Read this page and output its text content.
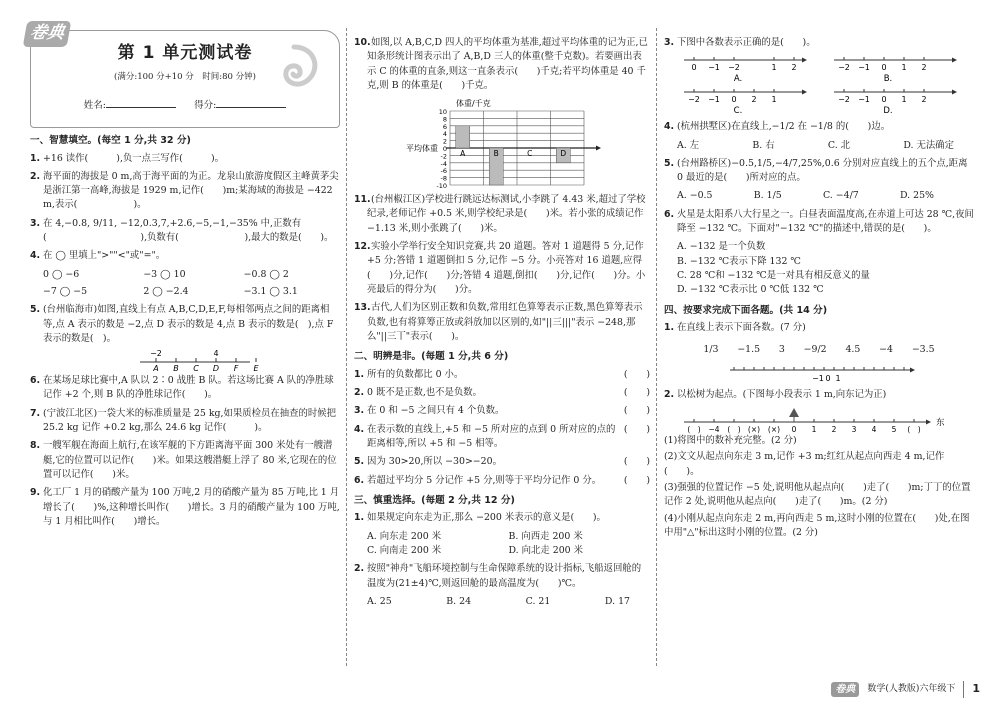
卷典
第 1 单元测试卷
(满分:100 分+10 分　时间:80 分钟)
姓名:	得分:
一、智慧填空。(每空 1 分,共 32 分)
1. +16 读作(　　　),负一点三写作(　　　)。
2. 海平面的海拔是 0 m,高于海平面的为正。龙泉山旅游度假区主峰黄茅尖是浙江第一高峰,海拔是 1929 m,记作(　　)m;某海域的海拔是 −422 m,表示(　　　　　　)。
3. 在 4,−0.8, 9/11, −12,0.3,7,+2.6,−5,−1,−35% 中,正数有(　　　　　　　　　　),负数有(　　　　　　　),最大的数是(　　)。
4. 在 ◯ 里填上">""<"或"="。
0 ◯ −6	−3 ◯ 10	−0.8 ◯ 2
−7 ◯ −5	2 ◯ −2.4	−3.1 ◯ 3.1
5. (台州临海市)如图,直线上有点 A,B,C,D,E,F,每相邻两点之间的距离相等,点 A 表示的数是 −2,点 D 表示的数是 4,点 B 表示的数是(　),点 F 表示的数是(　)。
A B C D F E
−2	4
6. 在某场足球比赛中,A 队以 2∶0 战胜 B 队。若这场比赛 A 队的净胜球记作 +2 个,则 B 队的净胜球记作(　　)。
7. (宁波江北区)一袋大米的标准质量是 25 kg,如果质检员在抽查的时候把 25.2 kg 记作 +0.2 kg,那么 24.6 kg 记作(　　　)。
8. 一艘军舰在海面上航行,在该军舰的下方距离海平面 300 米处有一艘潜艇,它的位置可以记作(　　)米。如果这艘潜艇上浮了 80 米,它现在的位置可以记作(　　)米。
9. 化工厂 1 月的硝酸产量为 100 万吨,2 月的硝酸产量为 85 万吨,比 1 月增长了(　　)%,这种增长叫作(　　)增长。3 月的硝酸产量为 100 万吨,与 1 月相比叫作(　　)增长。
10. 如图,以 A,B,C,D 四人的平均体重为基准,超过平均体重的记为正,已知条形统计图表示出了 A,B,D 三人的体重(整千克数)。若要画出表示 C 的体重的直条,则这一直条表示(　　)千克;若平均体重是 40 千克,则 B 的体重是(　　)千克。
体重/千克
10
8
6
4
2
0
-2
-4
-6
-8
-10
平均体重
A	B	C	D
11. (台州椒江区)学校进行跳远达标测试,小李跳了 4.43 米,超过了学校纪录,老师记作 +0.5 米,则学校纪录是(　　)米。若小张的成绩记作 −1.13 米,则小张跳了(　　)米。
12. 实验小学举行安全知识竞赛,共 20 道题。答对 1 道题得 5 分,记作 +5 分;答错 1 道题倒扣 5 分,记作 −5 分。小亮答对 16 道题,应得(　　)分,记作(　　)分;答错 4 道题,倒扣(　　)分,记作(　　)分。小亮最后的得分为(　　)分。
13. 古代,人们为区别正数和负数,常用红色算筹表示正数,黑色算筹表示负数,也有将算筹正放或斜放加以区别的,如"||三|||"表示 −248,那么"||三丅"表示(　　)。
二、明辨是非。(每题 1 分,共 6 分)
1. 所有的负数都比 0 小。	(　　)
2. 0 既不是正数,也不是负数。	(　　)
3. 在 0 和 −5 之间只有 4 个负数。	(　　)
4. 在表示数的直线上,+5 和 −5 所对应的点到 0 所对应的点的距离相等,所以 +5 和 −5 相等。
(　　)
5. 因为 30>20,所以 −30>−20。	(　　)
6. 若超过平均分 5 分记作 +5 分,则等于平均分记作 0 分。 (　　)
三、慎重选择。(每题 2 分,共 12 分)
1. 如果规定向东走为正,那么 −200 米表示的意义是(　　)。
A. 向东走 200 米	B. 向西走 200 米
C. 向南走 200 米	D. 向北走 200 米
2. 按照"神舟"飞船环境控制与生命保障系统的设计指标,飞船返回舱的温度为(21±4)℃,则返回舱的最高温度为(　　)℃。
A. 25	B. 24	C. 21	D. 17
3. 下图中各数表示正确的是(　　)。
0 −1 −2	1 2
A.
−2 −1 0 1 2
B.
−2 −1 0 2 1
C.
−2 −1 0 1 2
D.
4. (杭州拱墅区)在直线上,−1/2 在 −1/8 的(　　)边。
A. 左	B. 右	C. 北	D. 无法确定
5. (台州路桥区)−0.5,1/5,−4/7,25%,0.6 分别对应直线上的五个点,距离 0 最近的是(　　)所对应的点。
A. −0.5	B. 1/5	C. −4/7	D. 25%
6. 火星是太阳系八大行星之一。白昼表面温度高,在赤道上可达 28 ℃,夜间降至 −132 ℃。下面对"−132 ℃"的描述中,错误的是(　　)。
A. −132 是一个负数
B. −132 ℃表示下降 132 ℃
C. 28 ℃和 −132 ℃是一对具有相反意义的量
D. −132 ℃表示比 0 ℃低 132 ℃
四、按要求完成下面各题。(共 14 分)
1. 在直线上表示下面各数。(7 分)
1/3 −1.5 3 −9/2 4.5 −4 −3.5
−1 0 1
2. 以松树为起点。(下图每小段表示 1 m,向东记为正)
东
(　) −4 (　) (×) (×) 0 1 2 3 4 5 (　)
(1)将图中的数补充完整。(2 分)
(2)文文从起点向东走 3 m,记作 +3 m;红红从起点向西走 4 m,记作(　　)。
(3)强强的位置记作 −5 处,说明他从起点向(　　)走了(　　)m;丁丁的位置记作 2 处,说明他从起点向(　　)走了(　　)m。(2 分)
(4)小刚从起点向东走 2 m,再向西走 5 m,这时小刚的位置在(　　)处,在图中用"△"标出这时小刚的位置。(2 分)
卷典	数学(人教版)六年级下	1
